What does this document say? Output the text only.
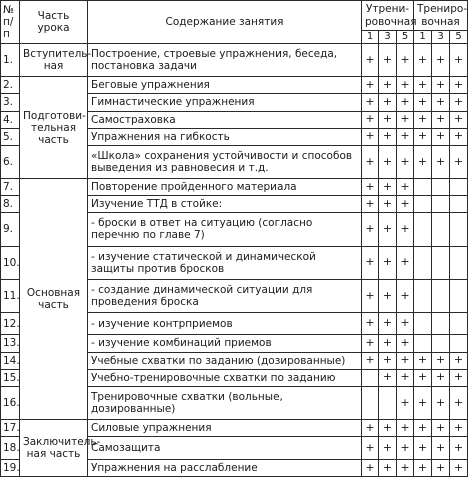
№ п/п	Часть урока	Содержание занятия	Утрени-ровочная			Трениро-вочная		
			1	3	5	1	3	5
1.	Вступитель-ная	Построение, строевые упражнения, беседа, постановка задачи	+	+	+	+	+	+
2.	Подготови-тельная часть	Беговые упражнения	+	+	+	+	+	+
3.		Гимнастические упражнения	+	+	+	+	+	+
4.		Самостраховка	+	+	+	+	+	+
5.		Упражнения на гибкость	+	+	+	+	+	+
6.		«Школа» сохранения устойчивости и способов выведения из равновесия и т.д.	+	+	+	+	+	+
7.	Основная часть	Повторение пройденного материала	+	+	+			
8.		Изучение ТТД в стойке:	+	+	+			
9.		- броски в ответ на ситуацию (согласно перечню по главе 7)	+	+	+			
10.		- изучение статической и динамической защиты против бросков	+	+	+			
11.		- создание динамической ситуации для проведения броска	+	+	+			
12.		- изучение контрприемов	+	+	+			
13.		- изучение комбинаций приемов	+	+	+			
14.		Учебные схватки по заданию (дозированные)	+	+	+	+	+	+
15.		Учебно-тренировочные схватки по заданию		+	+	+	+	+
16.		Тренировочные схватки (вольные, дозированные)			+	+	+	+
17.	Заключитель-ная часть	Силовые упражнения	+	+	+	+	+	+
18.		Самозащита	+	+	+	+	+	+
19.		Упражнения на расслабление	+	+	+	+	+	+
